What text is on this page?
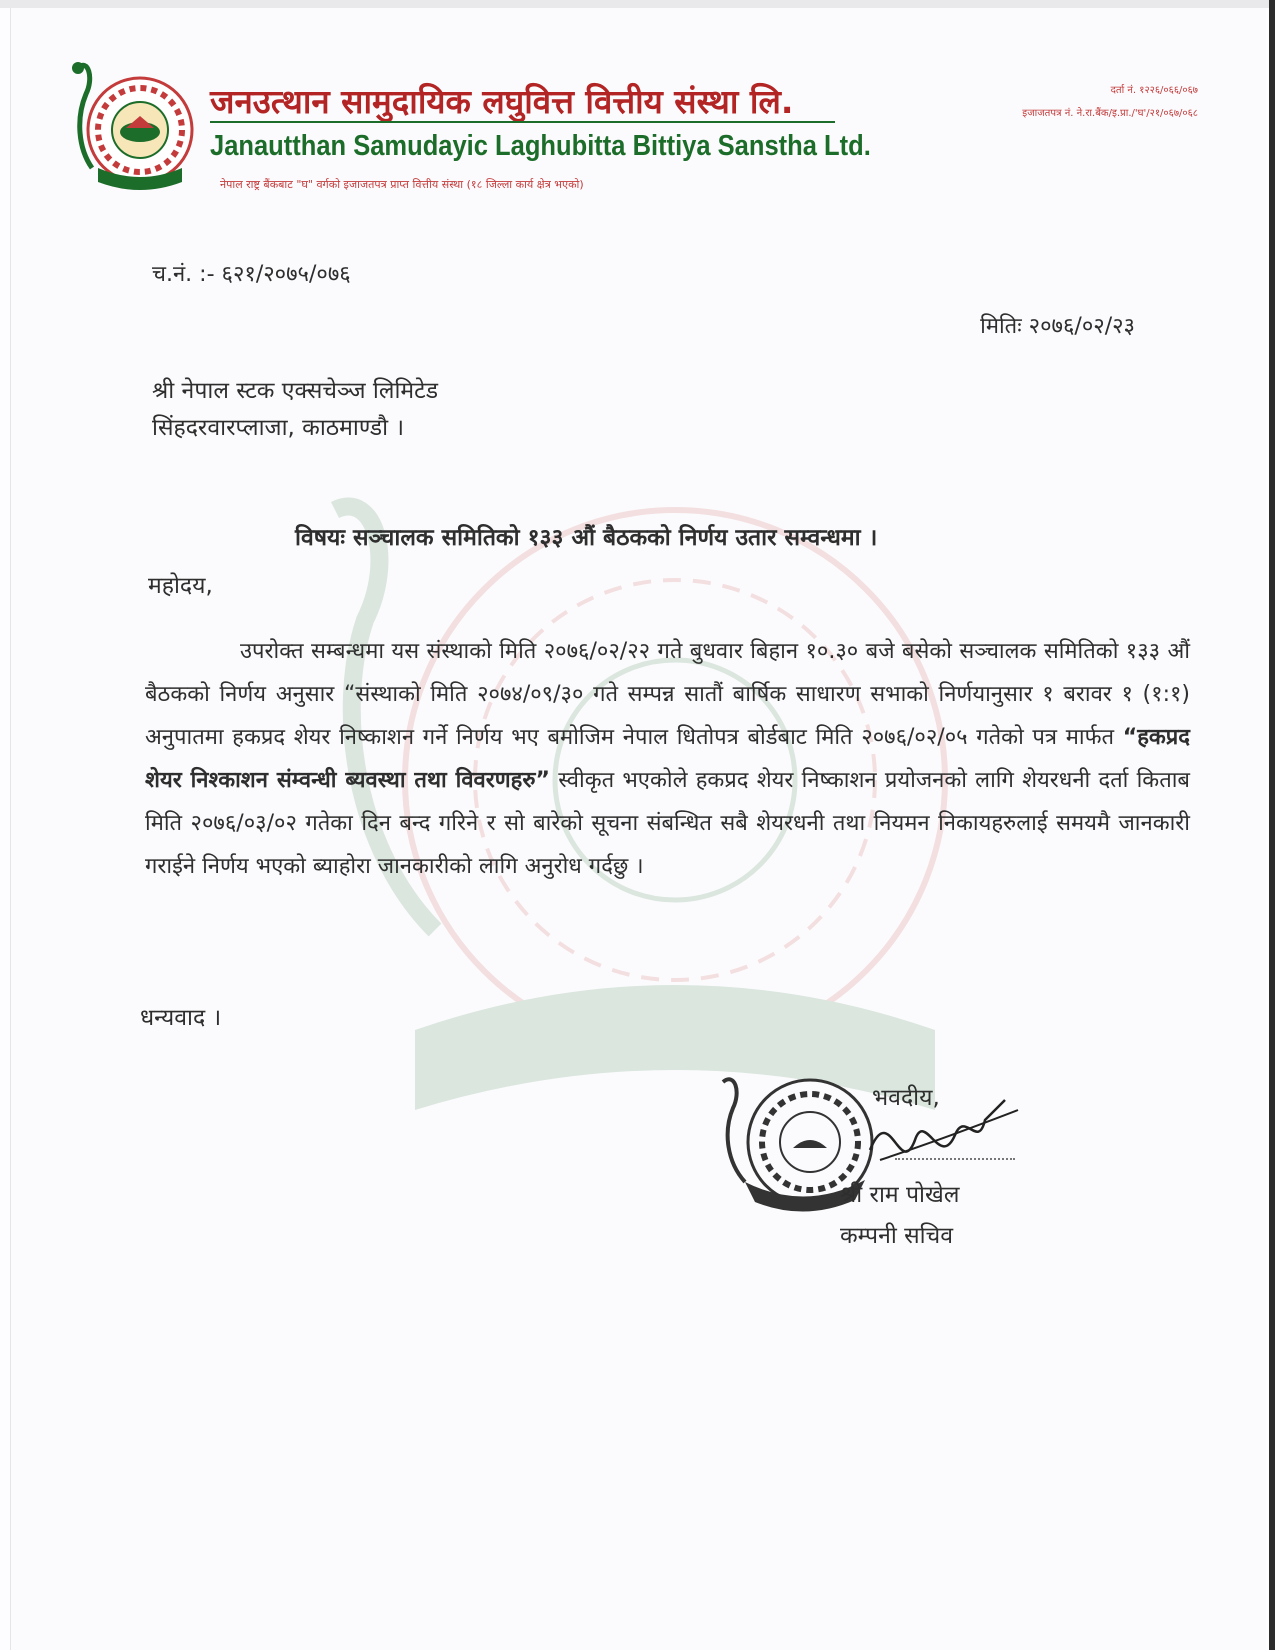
जनउत्थान सामुदायिक लघुवित्त वित्तीय संस्था लि.
Janautthan Samudayic Laghubitta Bittiya Sanstha Ltd.
नेपाल राष्ट्र बैंकबाट "घ" वर्गको इजाजतपत्र प्राप्त वित्तीय संस्था (१८ जिल्ला कार्य क्षेत्र भएको)
दर्ता नं. १२२६/०६६/०६७
इजाजतपत्र नं. ने.रा.बैंक/इ.प्रा./'घ'/२१/०६७/०६८
च.नं. :- ६२१/२०७५/०७६
मितिः २०७६/०२/२३
श्री नेपाल स्टक एक्सचेञ्ज लिमिटेड
सिंहदरवारप्लाजा, काठमाण्डौ ।
विषयः सञ्चालक समितिको १३३ औं बैठकको निर्णय उतार सम्वन्धमा ।
महोदय,
उपरोक्त सम्बन्धमा यस संस्थाको मिति २०७६/०२/२२ गते बुधवार बिहान १०.३० बजे बसेको सञ्चालक समितिको १३३ औं बैठकको निर्णय अनुसार “संस्थाको मिति २०७४/०९/३० गते सम्पन्न सातौं बार्षिक साधारण सभाको निर्णयानुसार १ बरावर १ (१:१) अनुपातमा हकप्रद शेयर निष्काशन गर्ने निर्णय भए बमोजिम नेपाल धितोपत्र बोर्डबाट मिति २०७६/०२/०५ गतेको पत्र मार्फत “हकप्रद शेयर निश्काशन संम्वन्धी ब्यवस्था तथा विवरणहरु” स्वीकृत भएकोले हकप्रद शेयर निष्काशन प्रयोजनको लागि शेयरधनी दर्ता किताब मिति २०७६/०३/०२ गतेका दिन बन्द गरिने र सो बारेको सूचना संबन्धित सबै शेयरधनी तथा नियमन निकायहरुलाई समयमै जानकारी गराईने निर्णय भएको ब्याहोरा जानकारीको लागि अनुरोध गर्दछु ।
धन्यवाद ।
भवदीय,
श्री राम पोखेल
कम्पनी सचिव
